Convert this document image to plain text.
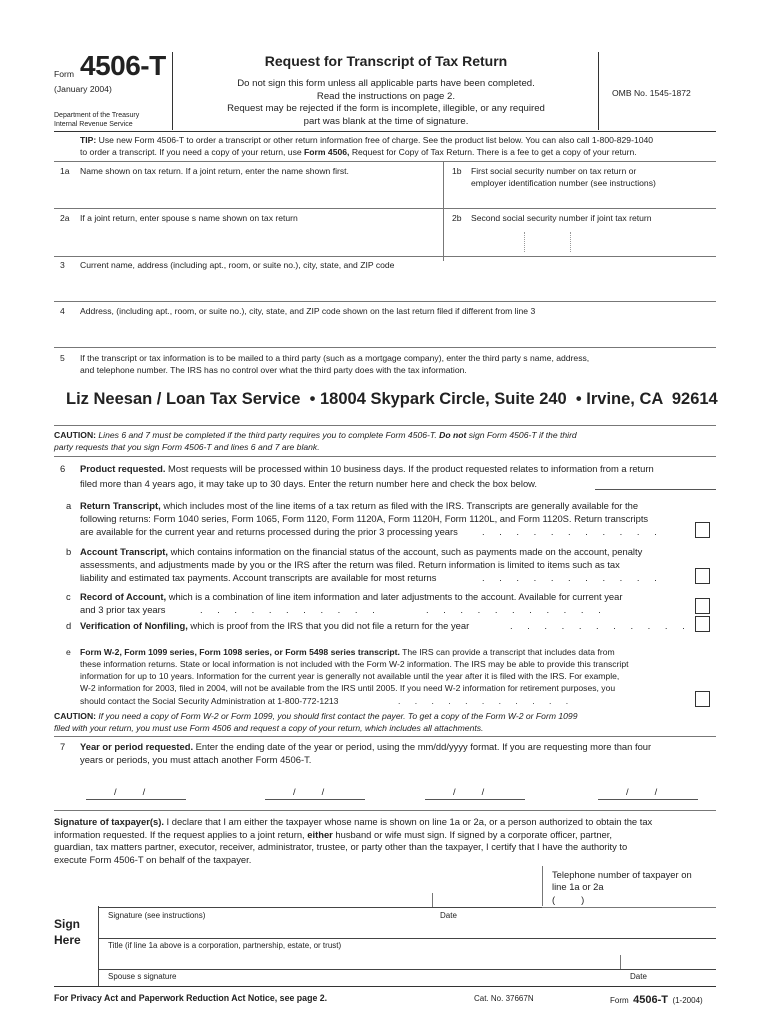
Form 4506-T
(January 2004)
Department of the Treasury
Internal Revenue Service
Request for Transcript of Tax Return
Do not sign this form unless all applicable parts have been completed.
Read the instructions on page 2.
Request may be rejected if the form is incomplete, illegible, or any required
part was blank at the time of signature.
OMB No. 1545-1872
TIP: Use new Form 4506-T to order a transcript or other return information free of charge. See the product list below. You can also call 1-800-829-1040
to order a transcript. If you need a copy of your return, use Form 4506, Request for Copy of Tax Return. There is a fee to get a copy of your return.
1a Name shown on tax return. If a joint return, enter the name shown first.	1b First social security number on tax return or
employer identification number (see instructions)
2a If a joint return, enter spouse s name shown on tax return	2b Second social security number if joint tax return
3 Current name, address (including apt., room, or suite no.), city, state, and ZIP code
4 Address, (including apt., room, or suite no.), city, state, and ZIP code shown on the last return filed if different from line 3
5 If the transcript or tax information is to be mailed to a third party (such as a mortgage company), enter the third party s name, address,
and telephone number. The IRS has no control over what the third party does with the tax information.
Liz Neesan / Loan Tax Service  • 18004 Skypark Circle, Suite 240  • Irvine, CA  92614
CAUTION: Lines 6 and 7 must be completed if the third party requires you to complete Form 4506-T. Do not sign Form 4506-T if the third
party requests that you sign Form 4506-T and lines 6 and 7 are blank.
6 Product requested. Most requests will be processed within 10 business days. If the product requested relates to information from a return
filed more than 4 years ago, it may take up to 30 days. Enter the return number here and check the box below.
a Return Transcript, which includes most of the line items of a tax return as filed with the IRS. Transcripts are generally available for the
following returns: Form 1040 series, Form 1065, Form 1120, Form 1120A, Form 1120H, Form 1120L, and Form 1120S. Return transcripts
are available for the current year and returns processed during the prior 3 processing years	. . . . . . . . . . .
b Account Transcript, which contains information on the financial status of the account, such as payments made on the account, penalty
assessments, and adjustments made by you or the IRS after the return was filed. Return information is limited to items such as tax
liability and estimated tax payments. Account transcripts are available for most returns	. . . . . . . . . . .
c Record of Account, which is a combination of line item information and later adjustments to the account. Available for current year
and 3 prior tax years	. . . . . . . . . . .	. . . . . . . . . . .
d Verification of Nonfiling, which is proof from the IRS that you did not file a return for the year	. . . . . . . . . . .
e Form W-2, Form 1099 series, Form 1098 series, or Form 5498 series transcript. The IRS can provide a transcript that includes data from
these information returns. State or local information is not included with the Form W-2 information. The IRS may be able to provide this transcript
information for up to 10 years. Information for the current year is generally not available until the year after it is filed with the IRS. For example,
W-2 information for 2003, filed in 2004, will not be available from the IRS until 2005. If you need W-2 information for retirement purposes, you
should contact the Social Security Administration at 1-800-772-1213	. . . . . . . . . . .
CAUTION: If you need a copy of Form W-2 or Form 1099, you should first contact the payer. To get a copy of the Form W-2 or Form 1099
filed with your return, you must use Form 4506 and request a copy of your return, which includes all attachments.
7 Year or period requested. Enter the ending date of the year or period, using the mm/dd/yyyy format. If you are requesting more than four
years or periods, you must attach another Form 4506-T.
/          /	/          /	/          /	/          /
Signature of taxpayer(s). I declare that I am either the taxpayer whose name is shown on line 1a or 2a, or a person authorized to obtain the tax
information requested. If the request applies to a joint return, either husband or wife must sign. If signed by a corporate officer, partner,
guardian, tax matters partner, executor, receiver, administrator, trustee, or party other than the taxpayer, I certify that I have the authority to
execute Form 4506-T on behalf of the taxpayer.
Telephone number of taxpayer on
line 1a or 2a
(          )
Sign
Here
Signature (see instructions)	Date
Title (if line 1a above is a corporation, partnership, estate, or trust)
Spouse s signature	Date
For Privacy Act and Paperwork Reduction Act Notice, see page 2.	Cat. No. 37667N	Form 4506-T (1-2004)
